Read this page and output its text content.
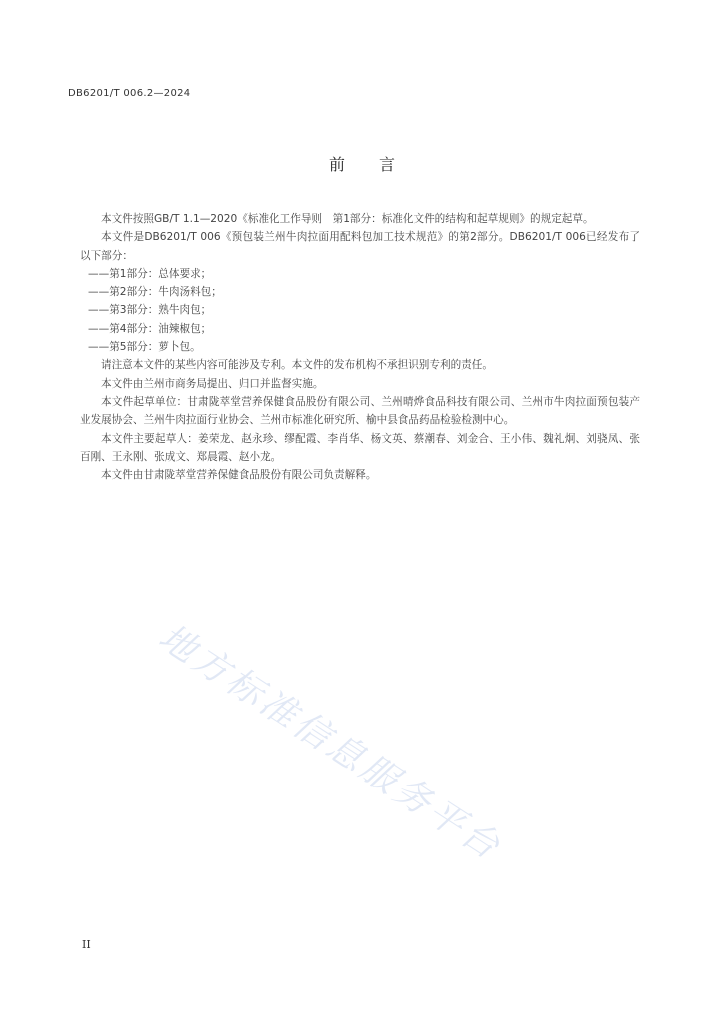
DB6201/T 006.2—2024
前 言

本文件按照GB/T 1.1—2020《标准化工作导则　第1部分：标准化文件的结构和起草规则》的规定起草。

本文件是DB6201/T 006《预包装兰州牛肉拉面用配料包加工技术规范》的第2部分。DB6201/T 006已经发布了以下部分：

——第1部分：总体要求；

——第2部分：牛肉汤料包；

——第3部分：熟牛肉包；

——第4部分：油辣椒包；

——第5部分：萝卜包。

请注意本文件的某些内容可能涉及专利。本文件的发布机构不承担识别专利的责任。

本文件由兰州市商务局提出、归口并监督实施。

本文件起草单位：甘肃陇萃堂营养保健食品股份有限公司、兰州晴烨食品科技有限公司、兰州市牛肉拉面预包装产业发展协会、兰州牛肉拉面行业协会、兰州市标准化研究所、榆中县食品药品检验检测中心。

本文件主要起草人：姜荣龙、赵永珍、缪配霞、李肖华、杨文英、蔡潮春、刘金合、王小伟、魏礼炯、刘骁凤、张百刚、王永刚、张成文、郑晨霞、赵小龙。

本文件由甘肃陇萃堂营养保健食品股份有限公司负责解释。

地方标准信息服务平台
II
